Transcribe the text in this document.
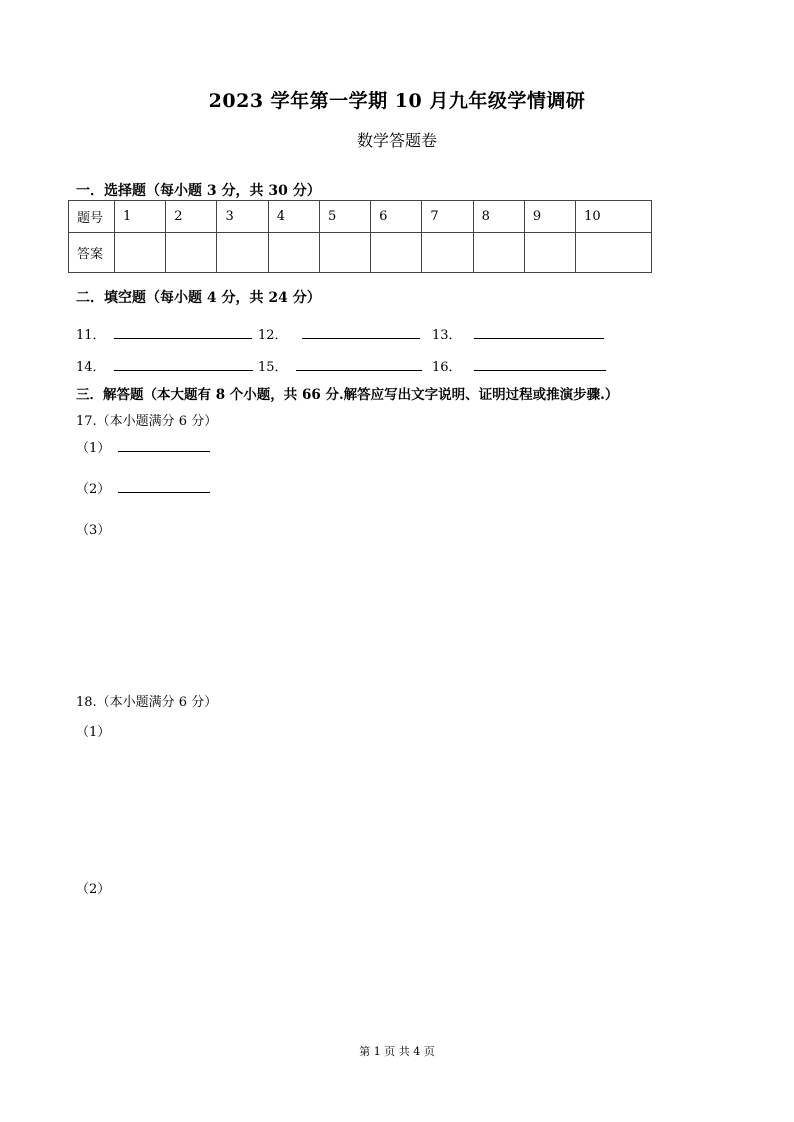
2023 学年第一学期 10 月九年级学情调研
数学答题卷
一．选择题（每小题 3 分，共 30 分）
题号	1	2	3	4	5	6	7	8	9	10
答案										
二．填空题（每小题 4 分，共 24 分）
11．	12．	13．
14．	15．	16．
三．解答题（本大题有 8 个小题，共 66 分.解答应写出文字说明、证明过程或推演步骤.）
17.（本小题满分 6 分）
（1）
（2）
（3）
18.（本小题满分 6 分）
（1）
（2）
第 1 页 共 4 页
